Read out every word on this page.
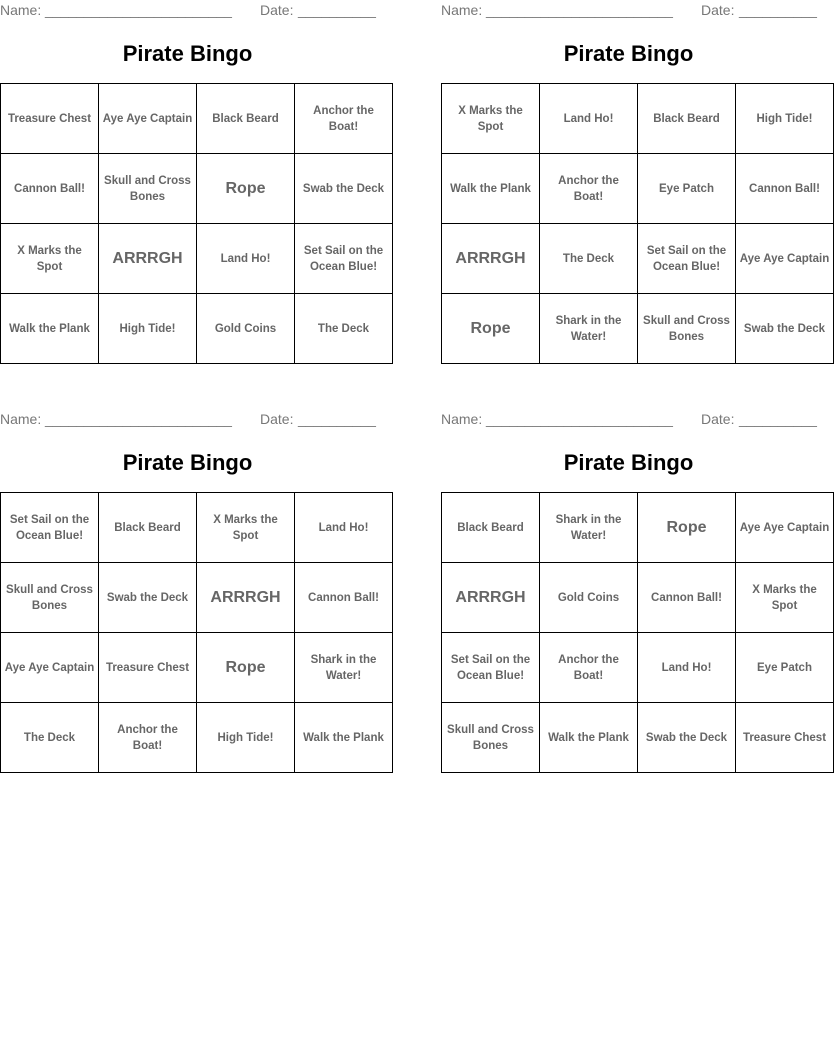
Name: ________________________ Date: __________
Pirate Bingo
Treasure Chest	Aye Aye Captain	Black Beard	Anchor the Boat!
Cannon Ball!	Skull and Cross Bones	Rope	Swab the Deck
X Marks the Spot	ARRRGH	Land Ho!	Set Sail on the Ocean Blue!
Walk the Plank	High Tide!	Gold Coins	The Deck
Name: ________________________ Date: __________
Pirate Bingo
X Marks the Spot	Land Ho!	Black Beard	High Tide!
Walk the Plank	Anchor the Boat!	Eye Patch	Cannon Ball!
ARRRGH	The Deck	Set Sail on the Ocean Blue!	Aye Aye Captain
Rope	Shark in the Water!	Skull and Cross Bones	Swab the Deck
Name: ________________________ Date: __________
Pirate Bingo
Set Sail on the Ocean Blue!	Black Beard	X Marks the Spot	Land Ho!
Skull and Cross Bones	Swab the Deck	ARRRGH	Cannon Ball!
Aye Aye Captain	Treasure Chest	Rope	Shark in the Water!
The Deck	Anchor the Boat!	High Tide!	Walk the Plank
Name: ________________________ Date: __________
Pirate Bingo
Black Beard	Shark in the Water!	Rope	Aye Aye Captain
ARRRGH	Gold Coins	Cannon Ball!	X Marks the Spot
Set Sail on the Ocean Blue!	Anchor the Boat!	Land Ho!	Eye Patch
Skull and Cross Bones	Walk the Plank	Swab the Deck	Treasure Chest
